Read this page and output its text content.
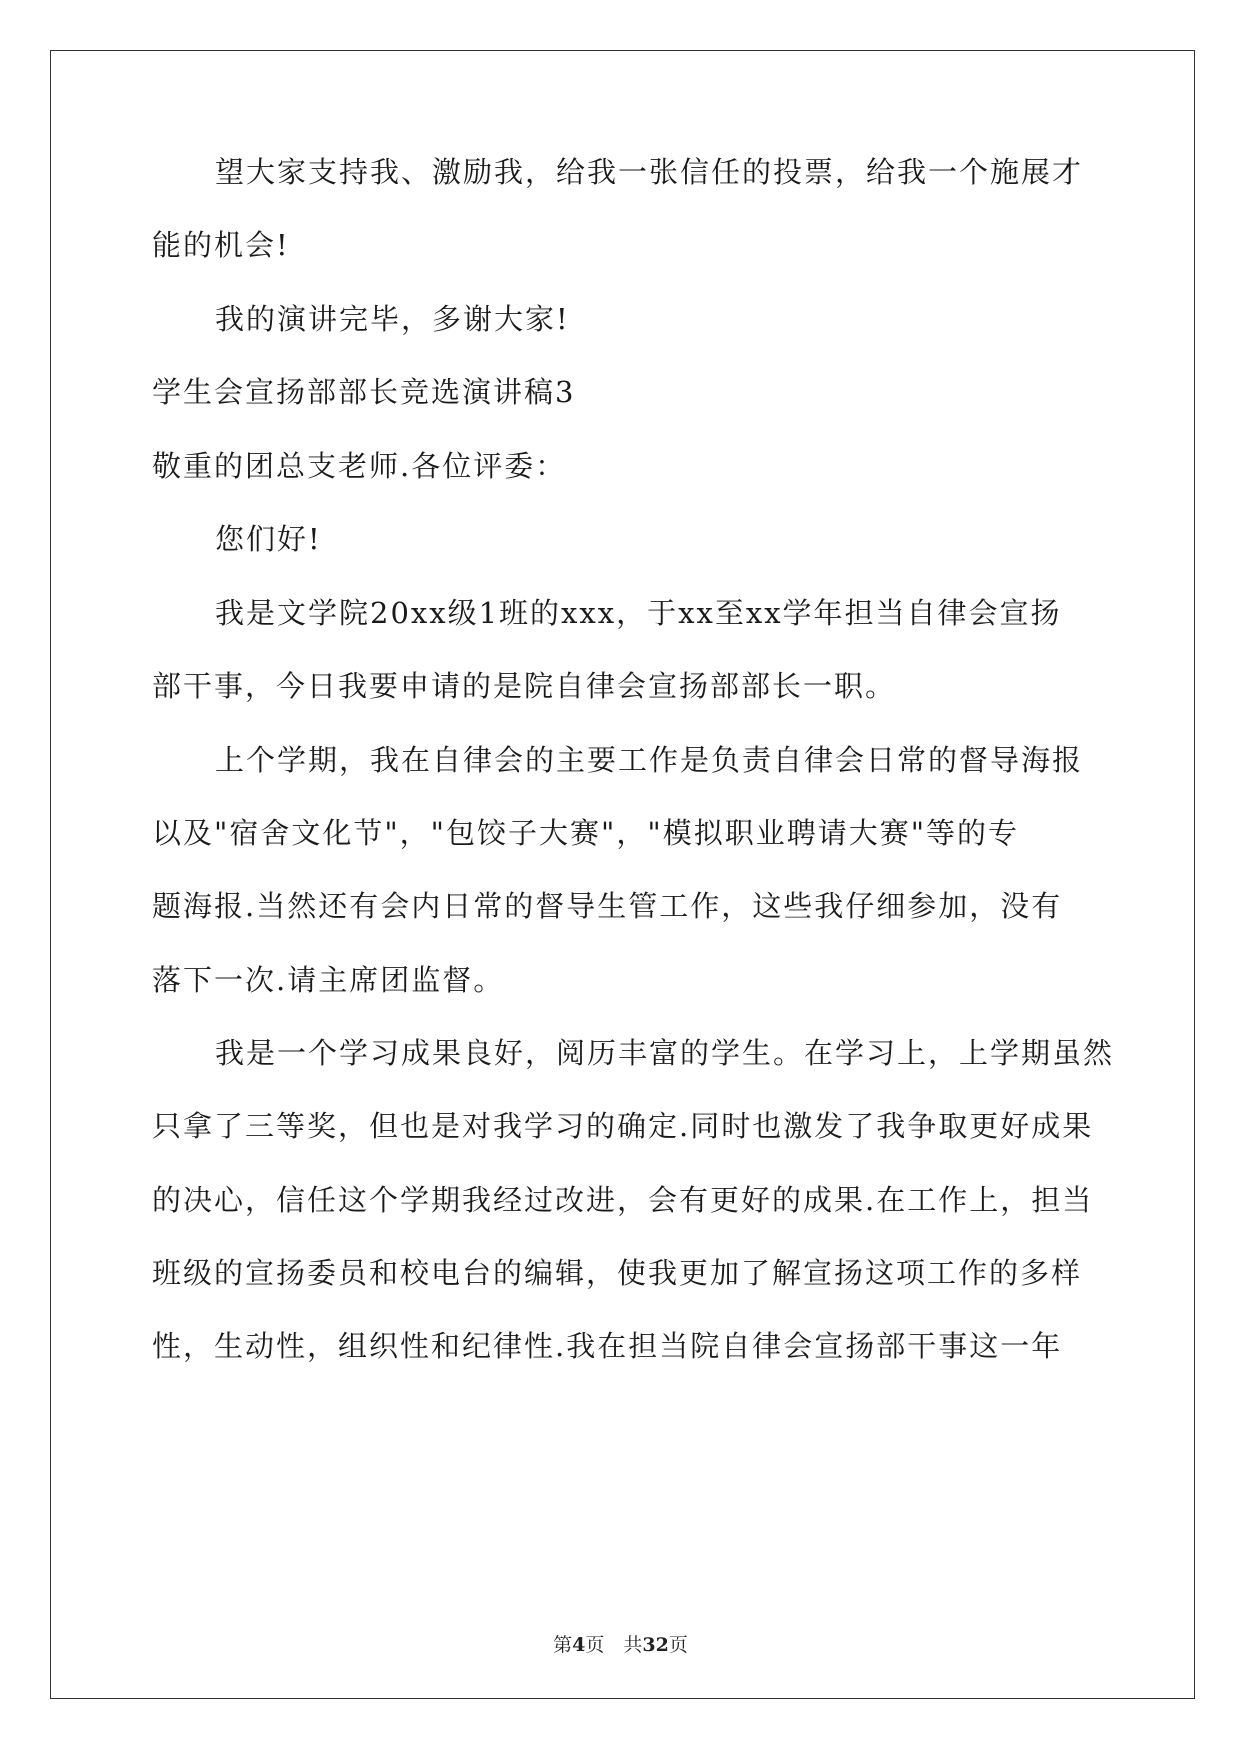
望大家支持我、激励我，给我一张信任的投票，给我一个施展才
能的机会!
我的演讲完毕，多谢大家!
学生会宣扬部部长竞选演讲稿3
敬重的团总支老师.各位评委：
您们好!
我是文学院20xx级1班的xxx，于xx至xx学年担当自律会宣扬
部干事，今日我要申请的是院自律会宣扬部部长一职。
上个学期，我在自律会的主要工作是负责自律会日常的督导海报
以及"宿舍文化节"，"包饺子大赛"，"模拟职业聘请大赛"等的专
题海报.当然还有会内日常的督导生管工作，这些我仔细参加，没有
落下一次.请主席团监督。
我是一个学习成果良好，阅历丰富的学生。在学习上，上学期虽然
只拿了三等奖，但也是对我学习的确定.同时也激发了我争取更好成果
的决心，信任这个学期我经过改进，会有更好的成果.在工作上，担当
班级的宣扬委员和校电台的编辑，使我更加了解宣扬这项工作的多样
性，生动性，组织性和纪律性.我在担当院自律会宣扬部干事这一年
第4页　共32页
